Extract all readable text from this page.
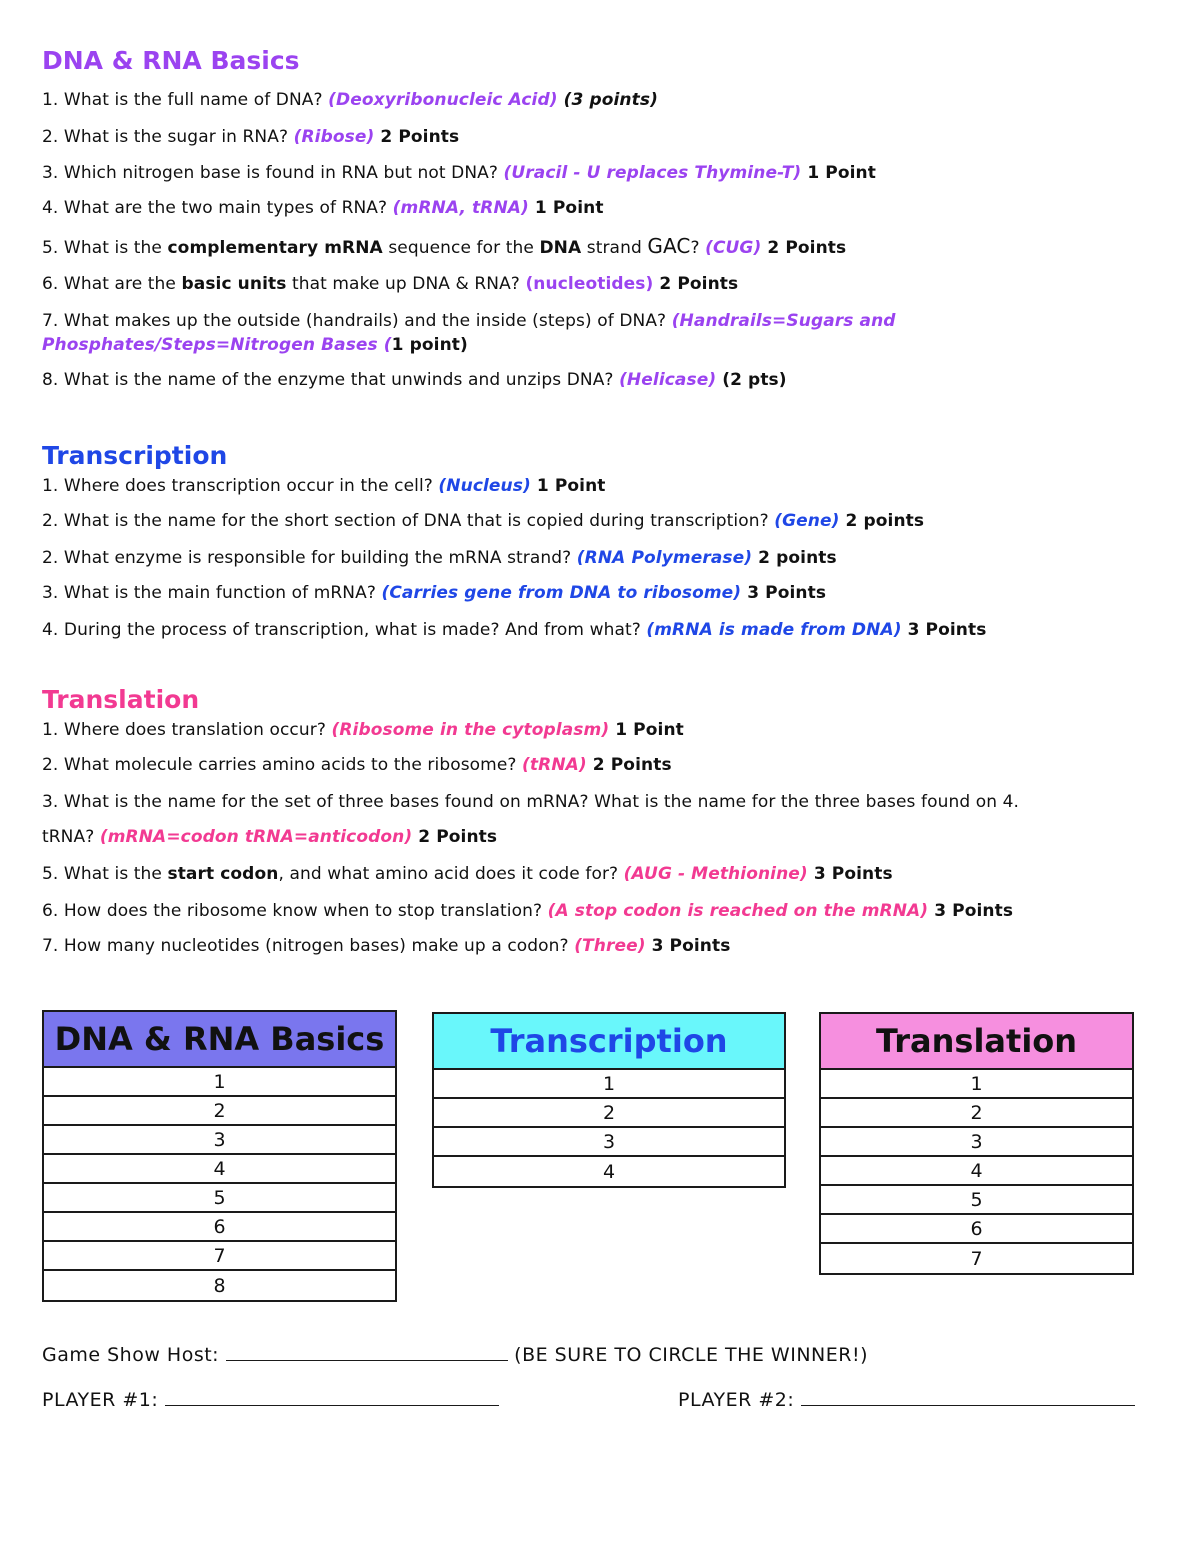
DNA & RNA Basics
1. What is the full name of DNA? (Deoxyribonucleic Acid) (3 points)
2. What is the sugar in RNA? (Ribose) 2 Points
3. Which nitrogen base is found in RNA but not DNA? (Uracil - U replaces Thymine-T) 1 Point
4. What are the two main types of RNA? (mRNA, tRNA) 1 Point
5. What is the complementary mRNA sequence for the DNA strand GAC? (CUG) 2 Points
6. What are the basic units that make up DNA & RNA? (nucleotides) 2 Points
7. What makes up the outside (handrails) and the inside (steps) of DNA? (Handrails=Sugars and
Phosphates/Steps=Nitrogen Bases (1 point)
8. What is the name of the enzyme that unwinds and unzips DNA? (Helicase) (2 pts)
Transcription
1. Where does transcription occur in the cell? (Nucleus) 1 Point
2. What is the name for the short section of DNA that is copied during transcription? (Gene) 2 points
2. What enzyme is responsible for building the mRNA strand? (RNA Polymerase) 2 points
3. What is the main function of mRNA? (Carries gene from DNA to ribosome) 3 Points
4. During the process of transcription, what is made? And from what? (mRNA is made from DNA) 3 Points
Translation
1. Where does translation occur? (Ribosome in the cytoplasm) 1 Point
2. What molecule carries amino acids to the ribosome? (tRNA) 2 Points
3. What is the name for the set of three bases found on mRNA? What is the name for the three bases found on 4.
tRNA? (mRNA=codon tRNA=anticodon) 2 Points
5. What is the start codon, and what amino acid does it code for? (AUG - Methionine) 3 Points
6. How does the ribosome know when to stop translation? (A stop codon is reached on the mRNA) 3 Points
7. How many nucleotides (nitrogen bases) make up a codon? (Three) 3 Points
DNA & RNA Basics
1
2
3
4
5
6
7
8
Transcription
1
2
3
4
Translation
1
2
3
4
5
6
7
Game Show Host:	(BE SURE TO CIRCLE THE WINNER!)
PLAYER #1:	PLAYER #2:
